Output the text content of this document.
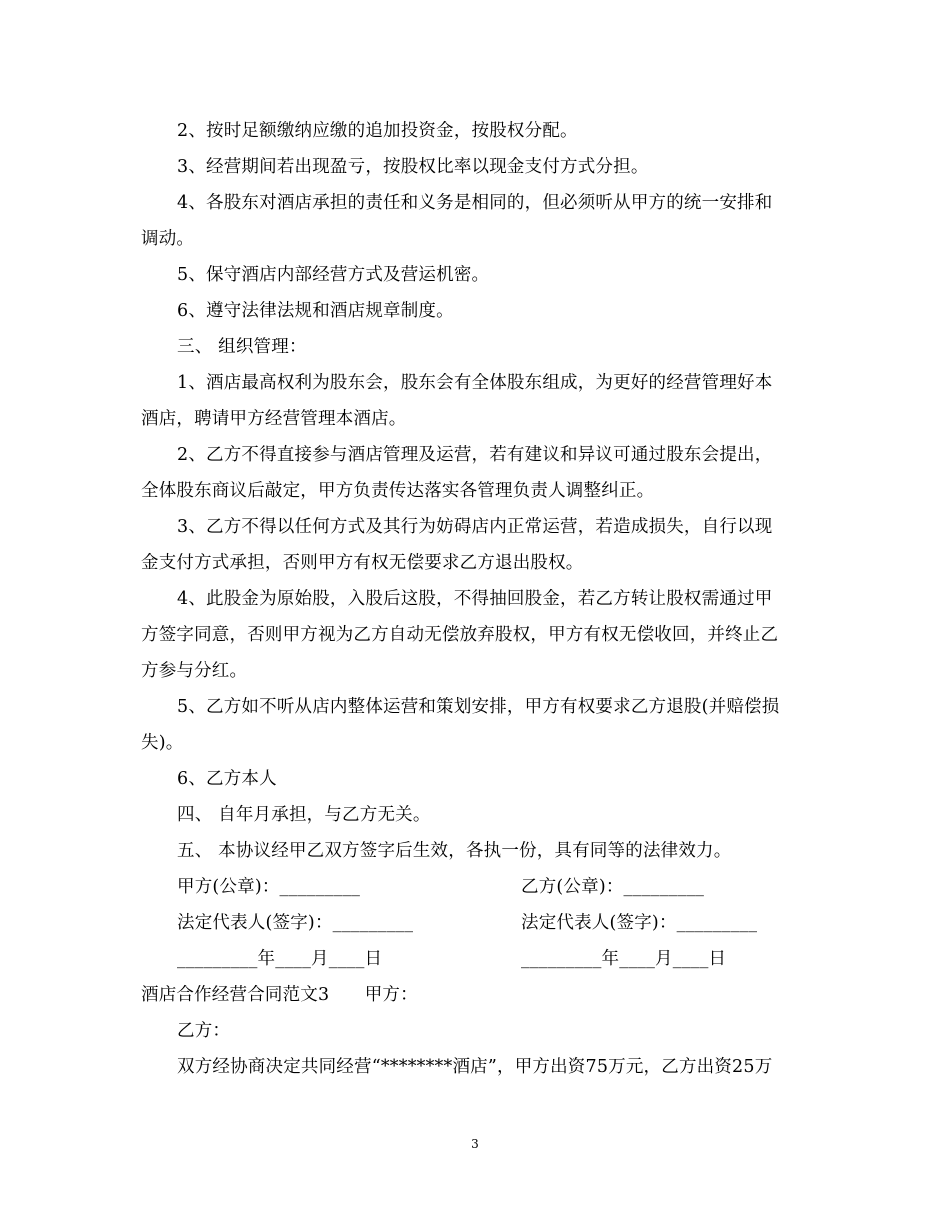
2、按时足额缴纳应缴的追加投资金，按股权分配。
3、经营期间若出现盈亏，按股权比率以现金支付方式分担。
4、各股东对酒店承担的责任和义务是相同的，但必须听从甲方的统一安排和
调动。
5、保守酒店内部经营方式及营运机密。
6、遵守法律法规和酒店规章制度。
三、 组织管理：
1、酒店最高权利为股东会，股东会有全体股东组成，为更好的经营管理好本
酒店，聘请甲方经营管理本酒店。
2、乙方不得直接参与酒店管理及运营，若有建议和异议可通过股东会提出，
全体股东商议后敲定，甲方负责传达落实各管理负责人调整纠正。
3、乙方不得以任何方式及其行为妨碍店内正常运营，若造成损失，自行以现
金支付方式承担，否则甲方有权无偿要求乙方退出股权。
4、此股金为原始股，入股后这股，不得抽回股金，若乙方转让股权需通过甲
方签字同意，否则甲方视为乙方自动无偿放弃股权，甲方有权无偿收回，并终止乙
方参与分红。
5、乙方如不听从店内整体运营和策划安排，甲方有权要求乙方退股(并赔偿损
失)。
6、乙方本人
四、 自年月承担，与乙方无关。
五、 本协议经甲乙双方签字后生效，各执一份，具有同等的法律效力。
甲方(公章)：_________	乙方(公章)：_________
法定代表人(签字)：_________	法定代表人(签字)：_________
_________年____月____日	_________年____月____日
酒店合作经营合同范文3　　甲方：
乙方：
双方经协商决定共同经营“********酒店”，甲方出资75万元，乙方出资25万
3
